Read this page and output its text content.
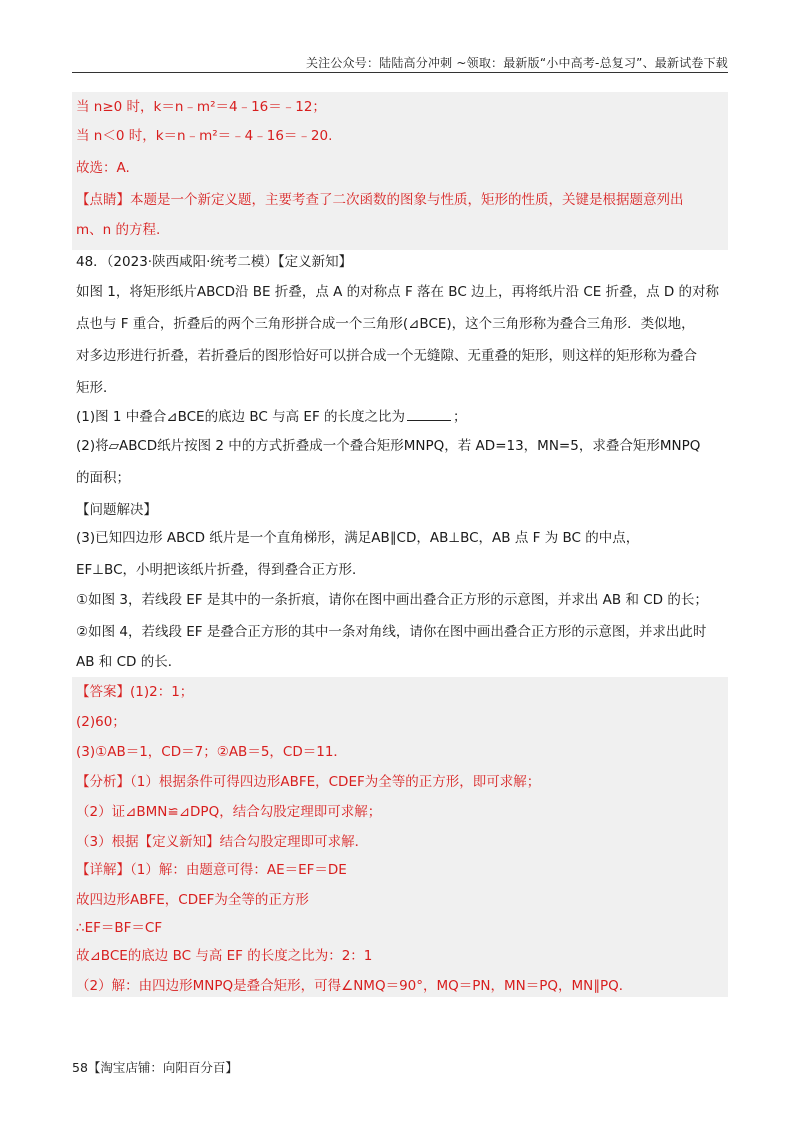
关注公众号：陆陆高分冲刺 ~领取：最新版“小中高考-总复习”、最新试卷下载
当 n≥0 时，k＝n﹣m²＝4﹣16＝﹣12；
当 n＜0 时，k＝n﹣m²＝﹣4﹣16＝﹣20.
故选：A.
【点睛】本题是一个新定义题，主要考查了二次函数的图象与性质，矩形的性质，关键是根据题意列出
m、n 的方程.
48．（2023·陕西咸阳·统考二模）【定义新知】
如图 1，将矩形纸片ABCD沿 BE 折叠，点 A 的对称点 F 落在 BC 边上，再将纸片沿 CE 折叠，点 D 的对称
点也与 F 重合，折叠后的两个三角形拼合成一个三角形(⊿BCE)，这个三角形称为叠合三角形．类似地，
对多边形进行折叠，若折叠后的图形恰好可以拼合成一个无缝隙、无重叠的矩形，则这样的矩形称为叠合
矩形．
(1)图 1 中叠合⊿BCE的底边 BC 与高 EF 的长度之比为	；
(2)将▱ABCD纸片按图 2 中的方式折叠成一个叠合矩形MNPQ，若 AD=13，MN=5，求叠合矩形MNPQ
的面积；
【问题解决】
(3)已知四边形 ABCD 纸片是一个直角梯形，满足AB∥CD，AB⊥BC，AB 点 F 为 BC 的中点，
EF⊥BC，小明把该纸片折叠，得到叠合正方形．
①如图 3，若线段 EF 是其中的一条折痕，请你在图中画出叠合正方形的示意图，并求出 AB 和 CD 的长；
②如图 4，若线段 EF 是叠合正方形的其中一条对角线，请你在图中画出叠合正方形的示意图，并求出此时
AB 和 CD 的长．
【答案】(1)2：1；
(2)60；
(3)①AB＝1，CD＝7；②AB＝5，CD＝11．
【分析】（1）根据条件可得四边形ABFE，CDEF为全等的正方形，即可求解；
（2）证⊿BMN≌⊿DPQ，结合勾股定理即可求解；
（3）根据【定义新知】结合勾股定理即可求解．
【详解】（1）解：由题意可得：AE＝EF＝DE
故四边形ABFE，CDEF为全等的正方形
∴EF＝BF＝CF
故⊿BCE的底边 BC 与高 EF 的长度之比为：2：1
（2）解：由四边形MNPQ是叠合矩形，可得∠NMQ＝90°，MQ＝PN，MN＝PQ，MN∥PQ．
58【淘宝店铺：向阳百分百】
